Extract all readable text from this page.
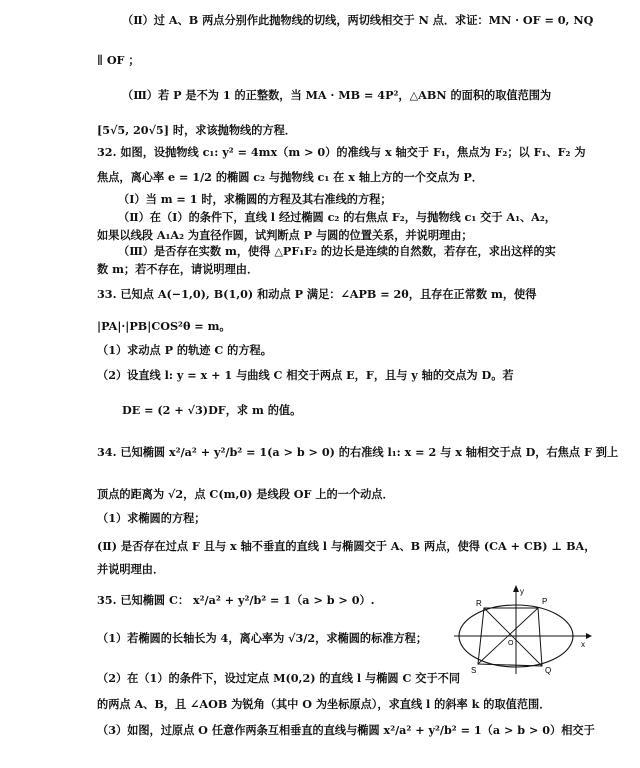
（Ⅱ）过 A、B 两点分别作此抛物线的切线，两切线相交于 N 点．求证：MN · OF = 0, NQ
∥ OF ；
（Ⅲ）若 P 是不为 1 的正整数，当 MA · MB = 4P²，△ABN 的面积的取值范围为
[5√5, 20√5] 时，求该抛物线的方程．
32. 如图，设抛物线 c₁: y² = 4mx（m > 0）的准线与 x 轴交于 F₁，焦点为 F₂；以 F₁、F₂ 为
焦点，离心率 e = 1/2 的椭圆 c₂ 与抛物线 c₁ 在 x 轴上方的一个交点为 P．
（Ⅰ）当 m = 1 时，求椭圆的方程及其右准线的方程；
（Ⅱ）在（Ⅰ）的条件下，直线 l 经过椭圆 c₂ 的右焦点 F₂，与抛物线 c₁ 交于 A₁、A₂，
如果以线段 A₁A₂ 为直径作圆，试判断点 P 与圆的位置关系，并说明理由；
（Ⅲ）是否存在实数 m，使得 △PF₁F₂ 的边长是连续的自然数，若存在，求出这样的实
数 m；若不存在，请说明理由．
33. 已知点 A(−1,0), B(1,0) 和动点 P 满足：∠APB = 2θ，且存在正常数 m，使得
|PA|·|PB|COS²θ = m。
（1）求动点 P 的轨迹 C 的方程。
（2）设直线 l: y = x + 1 与曲线 C 相交于两点 E，F，且与 y 轴的交点为 D。若
DE = (2 + √3)DF，求 m 的值。
34. 已知椭圆 x²/a² + y²/b² = 1(a > b > 0) 的右准线 l₁: x = 2 与 x 轴相交于点 D，右焦点 F 到上
顶点的距离为 √2，点 C(m,0) 是线段 OF 上的一个动点．
（1）求椭圆的方程；
(Ⅱ) 是否存在过点 F 且与 x 轴不垂直的直线 l 与椭圆交于 A、B 两点，使得 (CA + CB) ⊥ BA，
并说明理由．
35. 已知椭圆 C： x²/a² + y²/b² = 1（a > b > 0）.
（1）若椭圆的长轴长为 4，离心率为 √3/2，求椭圆的标准方程；
（2）在（1）的条件下，设过定点 M(0,2) 的直线 l 与椭圆 C 交于不同
的两点 A、B，且 ∠AOB 为锐角（其中 O 为坐标原点），求直线 l 的斜率 k 的取值范围．
（3）如图，过原点 O 任意作两条互相垂直的直线与椭圆 x²/a² + y²/b² = 1（a > b > 0）相交于
y
x
R	P
S	Q
O
